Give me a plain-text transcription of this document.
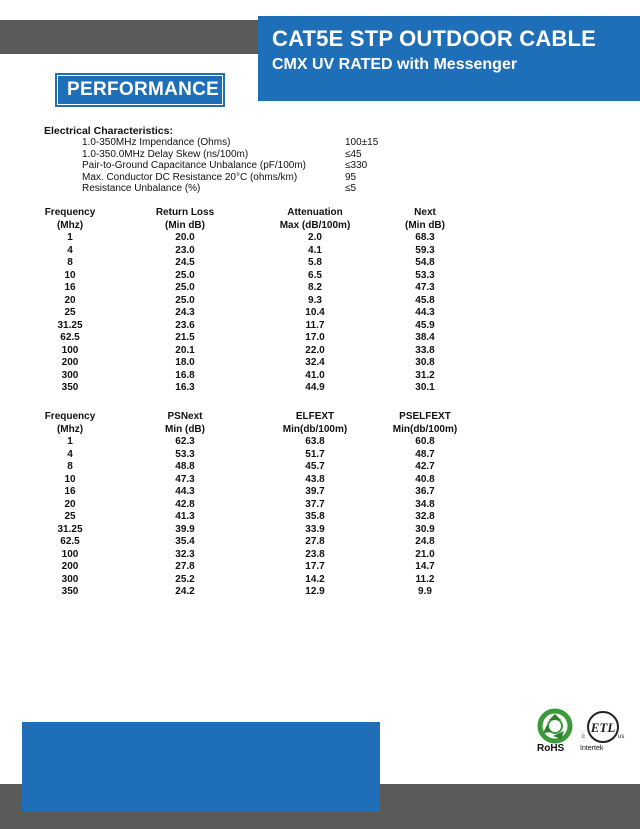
CAT5E STP OUTDOOR CABLE
CMX UV RATED with Messenger
PERFORMANCE
Electrical Characteristics:
1.0-350MHz Impendance (Ohms)	100±15
1.0-350.0MHz Delay Skew (ns/100m)	≤45
Pair-to-Ground Capacitance Unbalance (pF/100m)	≤330
Max. Conductor DC Resistance 20°C (ohms/km)	95
Resistance Unbalance (%)	≤5
Frequency	Return Loss	Attenuation	Next
(Mhz)	(Min dB)	Max (dB/100m)	(Min dB)
1	20.0	2.0	68.3
4	23.0	4.1	59.3
8	24.5	5.8	54.8
10	25.0	6.5	53.3
16	25.0	8.2	47.3
20	25.0	9.3	45.8
25	24.3	10.4	44.3
31.25	23.6	11.7	45.9
62.5	21.5	17.0	38.4
100	20.1	22.0	33.8
200	18.0	32.4	30.8
300	16.8	41.0	31.2
350	16.3	44.9	30.1
Frequency	PSNext	ELFEXT	PSELFEXT
(Mhz)	Min (dB)	Min(db/100m)	Min(db/100m)
1	62.3	63.8	60.8
4	53.3	51.7	48.7
8	48.8	45.7	42.7
10	47.3	43.8	40.8
16	44.3	39.7	36.7
20	42.8	37.7	34.8
25	41.3	35.8	32.8
31.25	39.9	33.9	30.9
62.5	35.4	27.8	24.8
100	32.3	23.8	21.0
200	27.8	17.7	14.7
300	25.2	14.2	11.2
350	24.2	12.9	9.9
RoHS
ETL
c	us
Intertek
